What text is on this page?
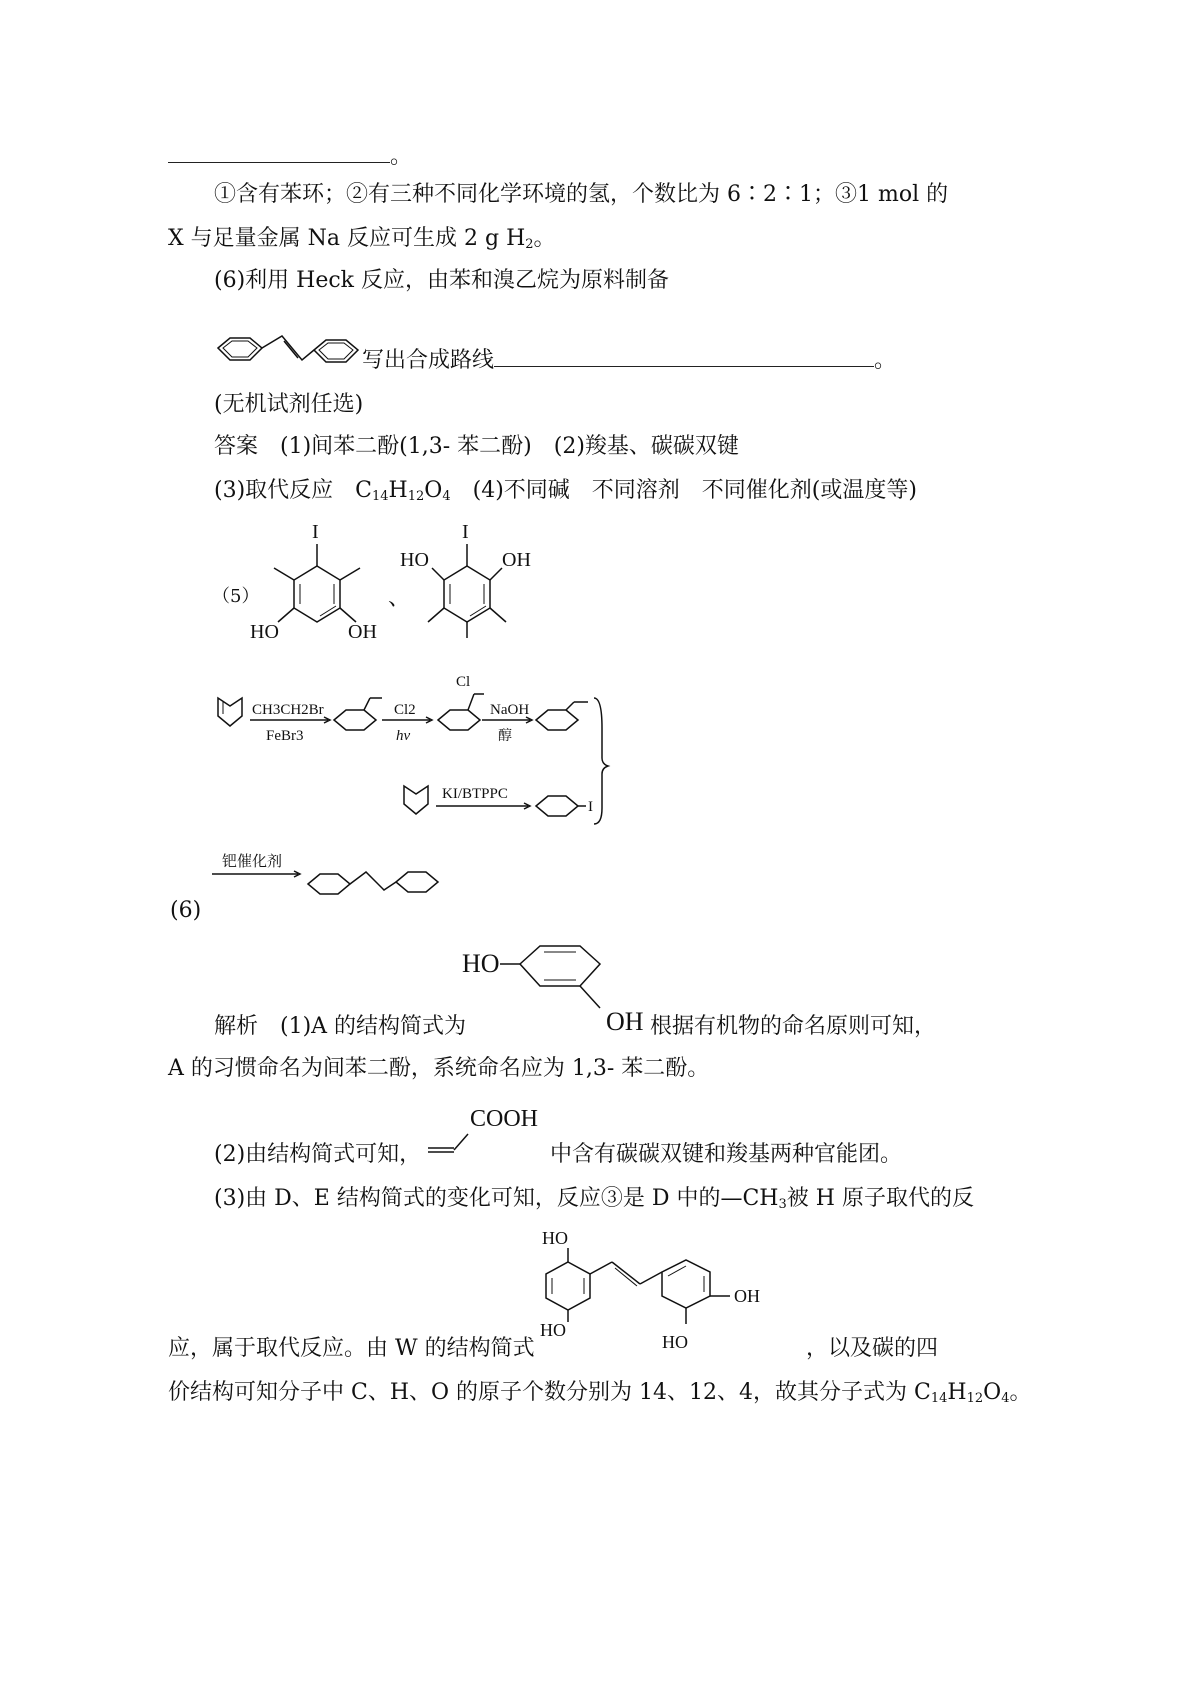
。
①含有苯环；②有三种不同化学环境的氢，个数比为 6∶2∶1；③1 mol 的
X 与足量金属 Na 反应可生成 2 g $H_2$。
(6)利用 Heck 反应，由苯和溴乙烷为原料制备
写出合成路线	。
(无机试剂任选)
答案　(1)间苯二酚(1,3- 苯二酚)　(2)羧基、碳碳双键
(3)取代反应　$C_{14}H_{12}O_4$　(4)不同碱　不同溶剂　不同催化剂(或温度等)
（5）
I
HO	OH
、
I
HO	OH
CH3CH2Br
FeBr3
Cl2
hν
Cl
NaOH
醇
KI/BTPPC
I
(6)
钯催化剂
HO
OH
解析　(1)A 的结构简式为	根据有机物的命名原则可知，
A 的习惯命名为间苯二酚，系统命名应为 1,3- 苯二酚。
COOH
(2)由结构简式可知，	中含有碳碳双键和羧基两种官能团。
(3)由 D、E 结构简式的变化可知，反应③是 D 中的$—CH_3$被 H 原子取代的反
HO
HO
OH
HO
应，属于取代反应。由 W 的结构简式	，以及碳的四
价结构可知分子中 C、H、O 的原子个数分别为 14、12、4，故其分子式为 $C_{14}H_{12}O_4$。
